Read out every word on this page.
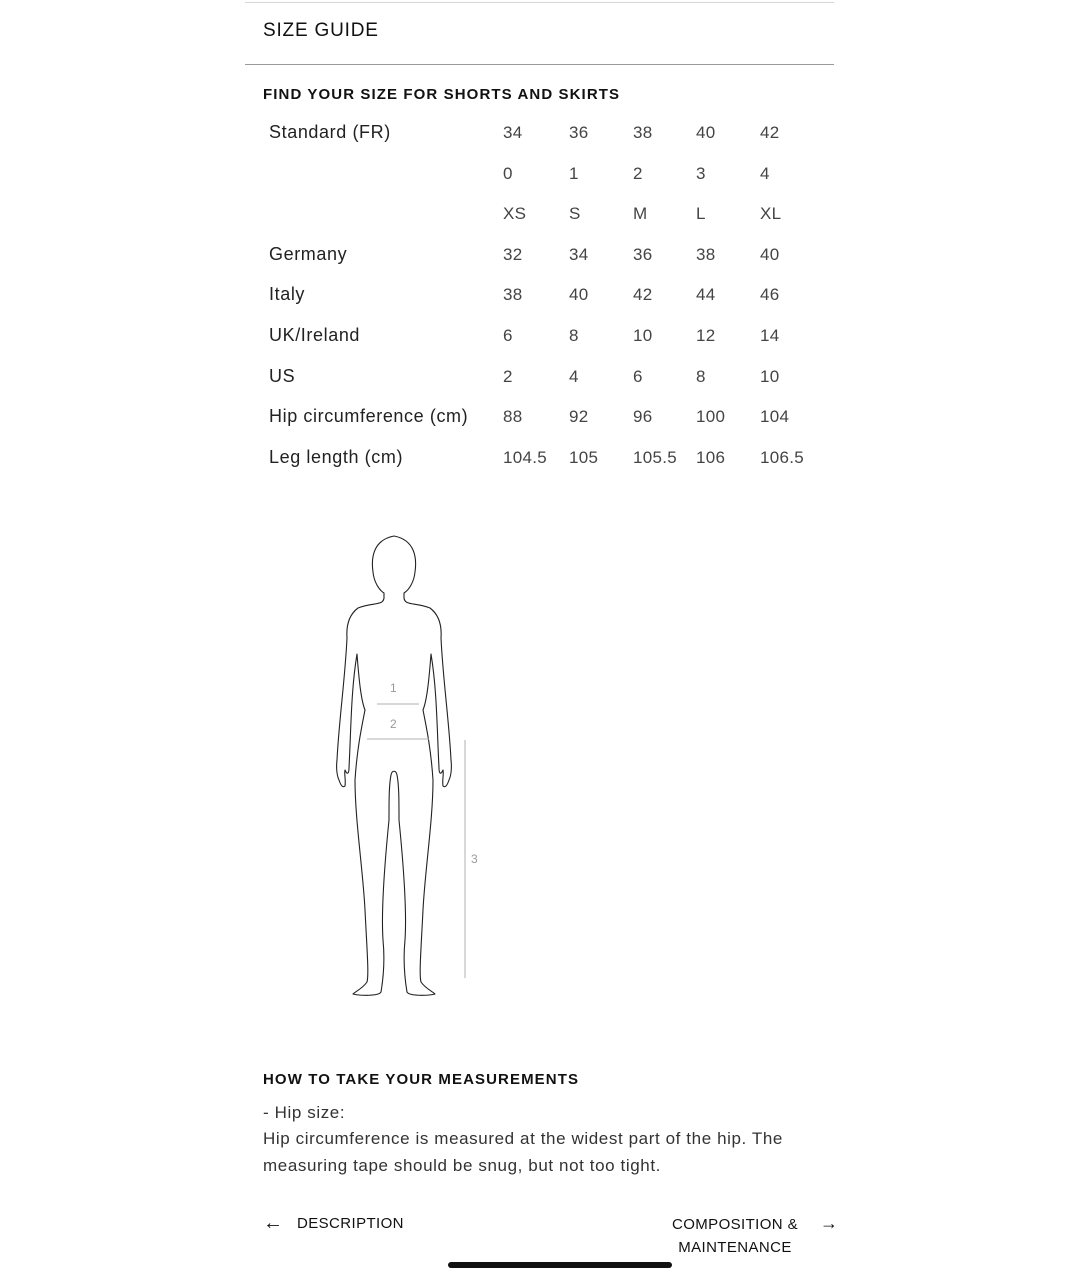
SIZE GUIDE
FIND YOUR SIZE FOR SHORTS AND SKIRTS
Standard (FR)	34	36	38	40	42
0	1	2	3	4
XS	S	M	L	XL
Germany	32	34	36	38	40
Italy	38	40	42	44	46
UK/Ireland	6	8	10	12	14
US	2	4	6	8	10
Hip circumference (cm) 88	92	96	100 104
Leg length (cm)	104.5 105 105.5 106 106.5
1
2
3
HOW TO TAKE YOUR MEASUREMENTS
- Hip size:
Hip circumference is measured at the widest part of the hip. The
measuring tape should be snug, but not too tight.
← DESCRIPTION	COMPOSITION &
MAINTENANCE
→
